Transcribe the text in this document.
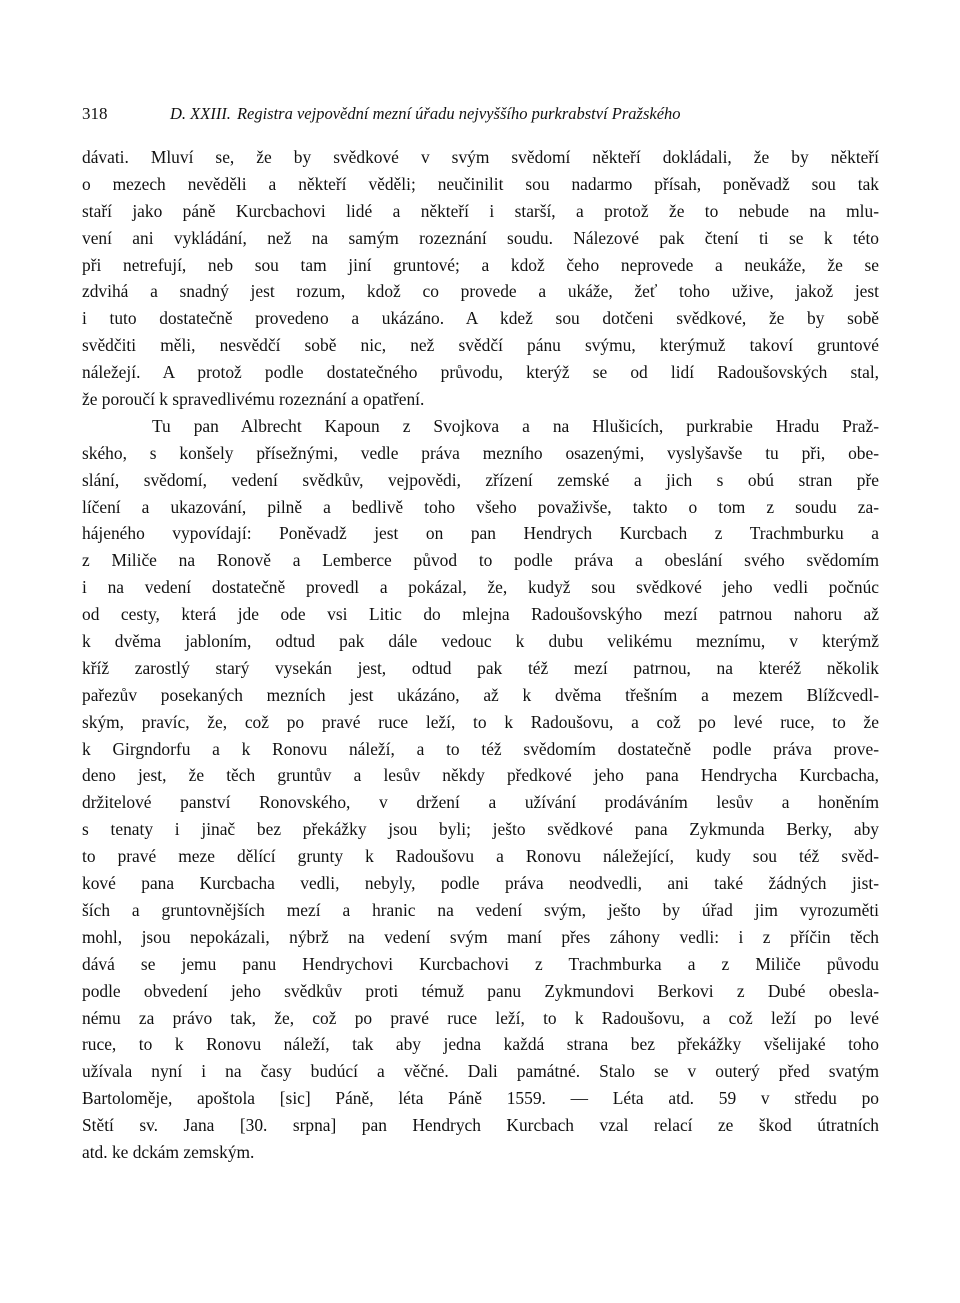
318	D. XXIII. Registra vejpovědní mezní úřadu nejvyššího purkrabství Pražského

dávati. Mluví se, že by svědkové v svým svědomí někteří dokládali, že by někteří
o mezech nevěděli a někteří věděli; neučinilit sou nadarmo přísah, poněvadž sou tak
staří jako páně Kurcbachovi lidé a někteří i starší, a protož že to nebude na mlu-
vení ani vykládání, než na samým rozeznání soudu. Nálezové pak čtení ti se k této
při netrefují, neb sou tam jiní gruntové; a kdož čeho neprovede a neukáže, že se
zdvihá a snadný jest rozum, kdož co provede a ukáže, žeť toho uživе, jakož jest
i tuto dostatečně provedeno a ukázáno. A kdež sou dotčeni svědkové, že by sobě
svědčiti měli, nesvědčí sobě nic, než svědčí pánu svýmu, kterýmuž takoví gruntové
náležejí. A protož podle dostatečného průvodu, kterýž se od lidí Radoušovských stal,
že poroučí k spravedlivému rozeznání a opatření.

Tu pan Albrecht Kapoun z Svojkova a na Hlušicích, purkrabie Hradu Praž-
ského, s konšely přísežnými, vedle práva mezního osazenými, vyslyšavše tu při, obe-
slání, svědomí, vedení svědkův, vejpovědi, zřízení zemské a jich s obú stran pře
líčení a ukazování, pilně a bedlivě toho všeho považivše, takto o tom z soudu za-
hájeného vypovídají: Poněvadž jest on pan Hendrych Kurcbach z Trachmburku a
z Miliče na Ronově a Lemberce původ to podle práva a obeslání svého svědomím
i na vedení dostatečně provedl a pokázal, že, kudyž sou svědkové jeho vedli počnúc
od cesty, která jde ode vsi Litic do mlejna Radoušovskýho mezí patrnou nahoru až
k dvěma jabloním, odtud pak dále vedouc k dubu velikému meznímu, v kterýmž
kříž zarostlý starý vysekán jest, odtud pak též mezí patrnou, na kteréž několik
pařezův posekaných mezních jest ukázáno, až k dvěma třešním a mezem Blížcvedl-
ským, pravíc, že, což po pravé ruce leží, to k Radoušovu, a což po levé ruce, to že
k Girgndorfu a k Ronovu náleží, a to též svědomím dostatečně podle práva prove-
deno jest, že těch gruntův a lesův někdy předkové jeho pana Hendrycha Kurcbacha,
držitelové panství Ronovského, v držení a užívání prodáváním lesův a honěním
s tenaty i jinač bez překážky jsou byli; ješto svědkové pana Zykmunda Berky, aby
to pravé meze dělící grunty k Radoušovu a Ronovu náležející, kudy sou též svěd-
kové pana Kurcbacha vedli, nebyly, podle práva neodvedli, ani také žádných jist-
ších a gruntovnějších mezí a hranic na vedení svým, ješto by úřad jim vyrozuměti
mohl, jsou nepokázali, nýbrž na vedení svým maní přes záhony vedli: i z příčin těch
dává se jemu panu Hendrychovi Kurcbachovi z Trachmburka a z Miliče původu
podle obvedení jeho svědkův proti témuž panu Zykmundovi Berkovi z Dubé obesla-
nému za právo tak, že, což po pravé ruce leží, to k Radoušovu, a což leží po levé
ruce, to k Ronovu náleží, tak aby jedna každá strana bez překážky všelijaké toho
užívala nyní i na časy budúcí a věčné. Dali památné. Stalo se v outerý před svatým
Bartoloměje, apoštola [sic] Páně, léta Páně 1559. — Léta atd. 59 v středu po
Stětí sv. Jana [30. srpna] pan Hendrych Kurcbach vzal relací ze škod útratních
atd. ke dckám zemským.
